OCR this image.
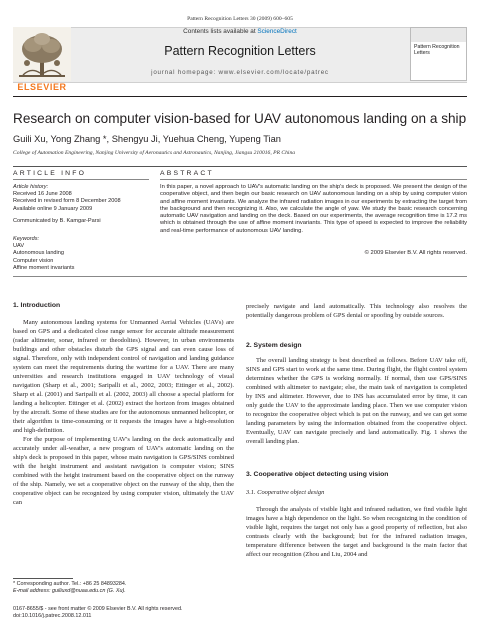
Pattern Recognition Letters 30 (2009) 600–605
ELSEVIER
Contents lists available at ScienceDirect
Pattern Recognition Letters
journal homepage: www.elsevier.com/locate/patrec
Pattern Recognition Letters
Research on computer vision-based for UAV autonomous landing on a ship
Guili Xu, Yong Zhang *, Shengyu Ji, Yuehua Cheng, Yupeng Tian
College of Automation Engineering, Nanjing University of Aeronautics and Astronautics, Nanjing, Jiangsu 210016, PR China
ARTICLE INFO	ABSTRACT
Article history:
Received 16 June 2008
Received in revised form 8 December 2008
Available online 9 January 2009
Communicated by B. Kamgar-Parsi
Keywords:
UAV
Autonomous landing
Computer vision
Affine moment invariants
In this paper, a novel approach to UAV's automatic landing on the ship's deck is proposed. We present the design of the cooperative object, and then begin our basic research on UAV autonomous landing on a ship by using computer vision and affine moment invariants. We analyze the infrared radiation images in our experiments by extracting the target from the background and then recognizing it. Also, we calculate the angle of yaw. We study the basic research concerning automatic UAV navigation and landing on the deck. Based on our experiments, the average recognition time is 17.2 ms which is obtained through the use of affine moment invariants. This type of speed is expected to improve the reliability and real-time performance of autonomous UAV landing.
© 2009 Elsevier B.V. All rights reserved.
1. Introduction
Many autonomous landing systems for Unmanned Aerial Vehicles (UAVs) are based on GPS and a dedicated close range sensor for accurate altitude measurement (radar altimeter, sonar, infrared or theodolites). However, in urban environments buildings and other obstacles disturb the GPS signal and can even cause loss of signal. Therefore, only with independent control of navigation and landing guidance system can meet the requirements during the wartime for a UAV. There are many universities and research institutions engaged in UAV technology of visual navigation (Sharp et al., 2001; Saripalli et al., 2002, 2003; Ettinger et al., 2002). Sharp et al. (2001) and Saripalli et al. (2002, 2003) all choose a special platform for landing a helicopter. Ettinger et al. (2002) extract the horizon from images obtained by the aircraft. Some of these studies are for the autonomous unmanned helicopter, or their algorithm is time-consuming or it requests the images have a high-resolution and high-definition.
For the purpose of implementing UAV's landing on the deck automatically and accurately under all-weather, a new program of UAV's automatic landing on the ship's deck is proposed in this paper, whose main navigation is GPS/SINS combined with the height instrument and assistant navigation is computer vision; SINS combined with the height instrument based on the cooperative object on the runway of the ship. Namely, we set a cooperative object on the runway of the ship, then the cooperative object can be recognized by using computer vision, ultimately the UAV can
* Corresponding author. Tel.: +86 25 84893284.
E-mail address: guiliuxd@nuaa.edu.cn (G. Xu).
0167-8655/$ - see front matter © 2009 Elsevier B.V. All rights reserved.
doi:10.1016/j.patrec.2008.12.011
precisely navigate and land automatically. This technology also resolves the potentially dangerous problem of GPS denial or spoofing by outside sources.
2. System design
The overall landing strategy is best described as follows. Before UAV take off, SINS and GPS start to work at the same time. During flight, the flight control system determines whether the GPS is working normally. If normal, then use GPS/SINS combined with altimeter to navigate; else, the main task of navigation is completed by INS and altimeter. However, due to INS has accumulated error by time, it can only guide the UAV to the approximate landing place. Then we use computer vision to recognize the cooperative object which is put on the runway, and we can get some landing parameters by using the information obtained from the cooperative object. Eventually, UAV can navigate precisely and land automatically. Fig. 1 shows the overall landing plan.
3. Cooperative object detecting using vision
3.1. Cooperative object design
Through the analysis of visible light and infrared radiation, we find visible light images have a high dependence on the light. So when recognizing in the condition of visible light, requires the target not only has a good property of reflection, but also contrasts clearly with the background; but for the infrared radiation images, temperature difference between the target and background is the main factor that affect our recognition (Zhou and Liu, 2004 and
